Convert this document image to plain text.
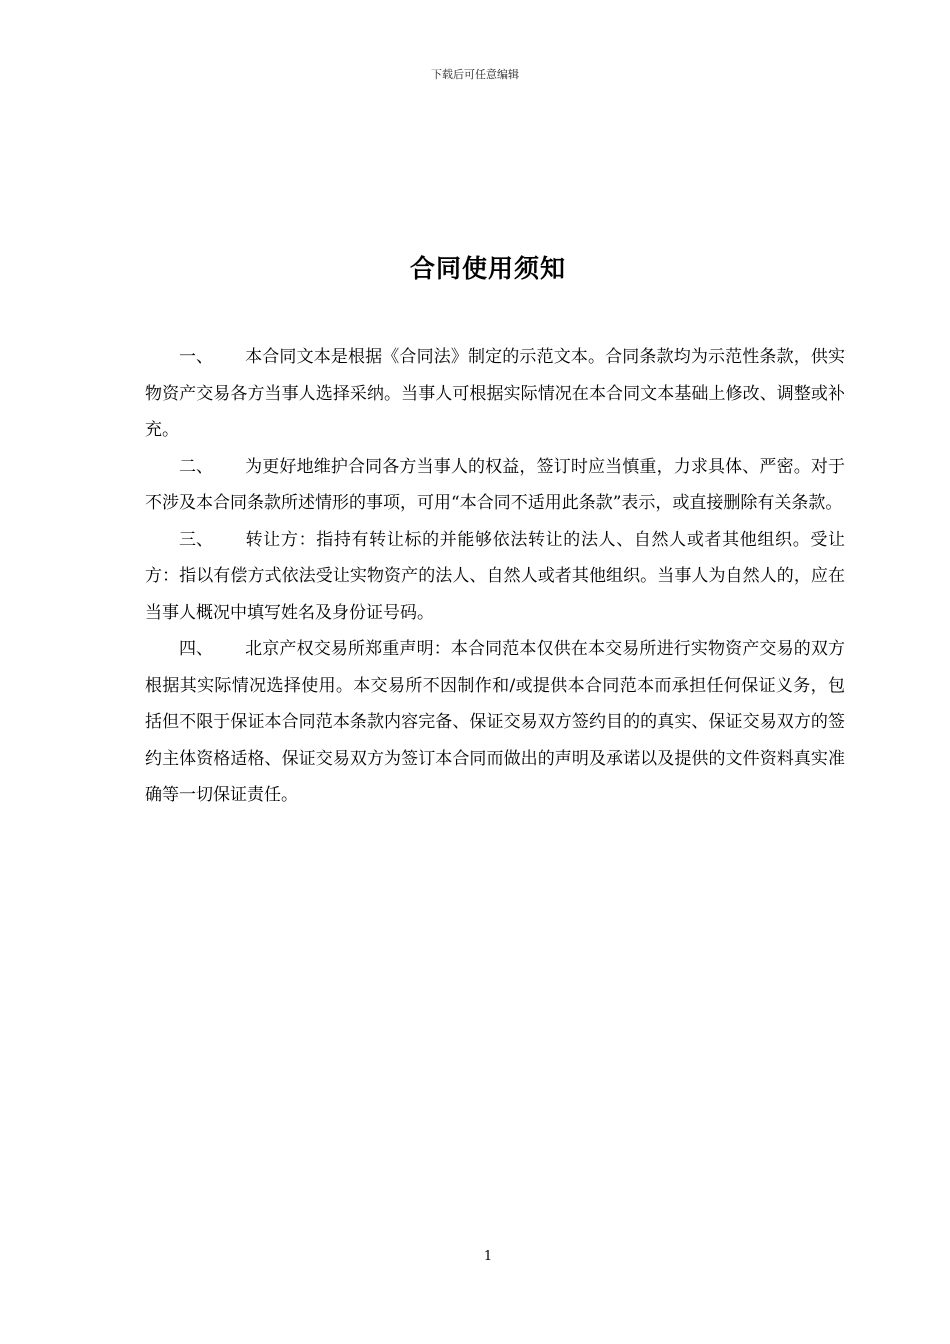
下载后可任意编辑
合同使用须知

一、 本合同文本是根据《合同法》制定的示范文本。合同条款均为示范性条款，供实物资产交易各方当事人选择采纳。当事人可根据实际情况在本合同文本基础上修改、调整或补充。

二、 为更好地维护合同各方当事人的权益，签订时应当慎重，力求具体、严密。对于不涉及本合同条款所述情形的事项，可用“本合同不适用此条款”表示，或直接删除有关条款。

三、 转让方：指持有转让标的并能够依法转让的法人、自然人或者其他组织。受让方：指以有偿方式依法受让实物资产的法人、自然人或者其他组织。当事人为自然人的，应在当事人概况中填写姓名及身份证号码。

四、 北京产权交易所郑重声明：本合同范本仅供在本交易所进行实物资产交易的双方根据其实际情况选择使用。本交易所不因制作和/或提供本合同范本而承担任何保证义务，包括但不限于保证本合同范本条款内容完备、保证交易双方签约目的的真实、保证交易双方的签约主体资格适格、保证交易双方为签订本合同而做出的声明及承诺以及提供的文件资料真实准确等一切保证责任。

1
